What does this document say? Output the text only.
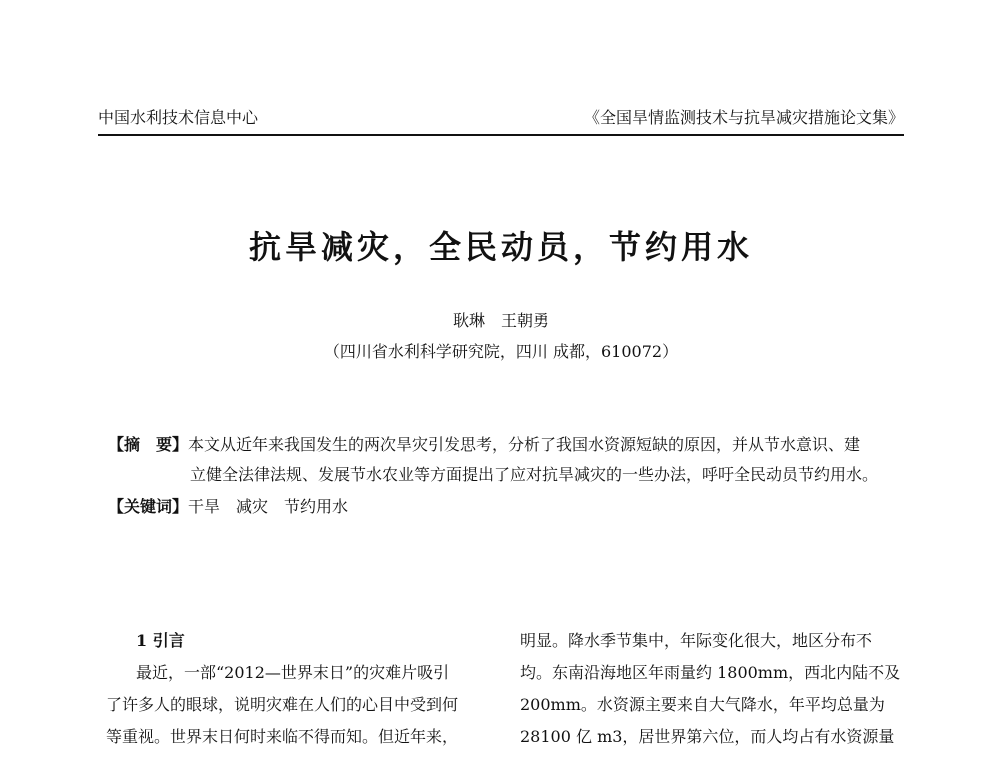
中国水利技术信息中心	《全国旱情监测技术与抗旱减灾措施论文集》
抗旱减灾，全民动员，节约用水
耿琳　王朝勇
（四川省水利科学研究院，四川 成都，610072）
【摘　要】本文从近年来我国发生的两次旱灾引发思考，分析了我国水资源短缺的原因，并从节水意识、建
立健全法律法规、发展节水农业等方面提出了应对抗旱减灾的一些办法，呼吁全民动员节约用水。
【关键词】干旱　减灾　节约用水
1 引言
最近，一部“2012—世界末日”的灾难片吸引
了许多人的眼球，说明灾难在人们的心目中受到何
等重视。世界末日何时来临不得而知。但近年来，
明显。降水季节集中，年际变化很大，地区分布不
均。东南沿海地区年雨量约 1800mm，西北内陆不及
200mm。水资源主要来自大气降水，年平均总量为
28100 亿 m3，居世界第六位，而人均占有水资源量
